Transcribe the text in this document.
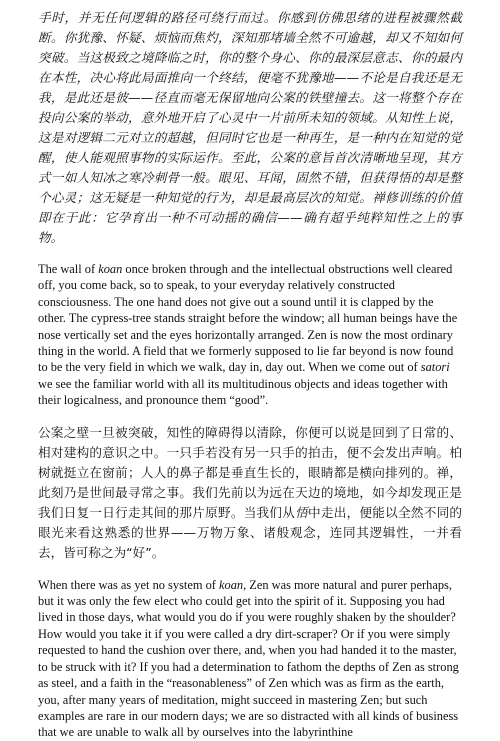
手时，并无任何逻辑的路径可绕行而过。你感到仿佛思绪的进程被骤然截断。你犹豫、怀疑、烦恼而焦灼，深知那堵墙全然不可逾越，却又不知如何突破。当这极致之境降临之时，你的整个身心、你的最深层意志、你的最内在本性，决心将此局面推向一个终结，便毫不犹豫地——不论是自我还是无我，是此还是彼——径直而毫无保留地向公案的铁壁撞去。这一将整个存在投向公案的举动，意外地开启了心灵中一片前所未知的领域。从知性上说，这是对逻辑二元对立的超越，但同时它也是一种再生，是一种内在知觉的觉醒，使人能观照事物的实际运作。至此，公案的意旨首次清晰地呈现，其方式一如人知冰之寒冷刺骨一般。眼见、耳闻，固然不错，但获得悟的却是整个心灵；这无疑是一种知觉的行为，却是最高层次的知觉。禅修训练的价值即在于此：它孕育出一种不可动摇的确信——确有超乎纯粹知性之上的事物。

The wall of koan once broken through and the intellectual obstructions well cleared off, you come back, so to speak, to your everyday relatively constructed consciousness. The one hand does not give out a sound until it is clapped by the other. The cypress-tree stands straight before the window; all human beings have the nose vertically set and the eyes horizontally arranged. Zen is now the most ordinary thing in the world. A field that we formerly supposed to lie far beyond is now found to be the very field in which we walk, day in, day out. When we come out of satori we see the familiar world with all its multitudinous objects and ideas together with their logicalness, and pronounce them “good”.

公案之壁一旦被突破，知性的障碍得以清除，你便可以说是回到了日常的、相对建构的意识之中。一只手若没有另一只手的拍击，便不会发出声响。柏树就挺立在窗前；人人的鼻子都是垂直生长的，眼睛都是横向排列的。禅，此刻乃是世间最寻常之事。我们先前以为远在天边的境地，如今却发现正是我们日复一日行走其间的那片原野。当我们从悟中走出，便能以全然不同的眼光来看这熟悉的世界——万物万象、诸般观念，连同其逻辑性，一并看去，皆可称之为“好”。

When there was as yet no system of koan, Zen was more natural and purer perhaps, but it was only the few elect who could get into the spirit of it. Supposing you had lived in those days, what would you do if you were roughly shaken by the shoulder? How would you take it if you were called a dry dirt-scraper? Or if you were simply requested to hand the cushion over there, and, when you had handed it to the master, to be struck with it? If you had a determination to fathom the depths of Zen as strong as steel, and a faith in the “reasonableness” of Zen which was as firm as the earth, you, after many years of meditation, might succeed in mastering Zen; but such examples are rare in our modern days; we are so distracted with all kinds of business that we are unable to walk all by ourselves into the labyrinthine
